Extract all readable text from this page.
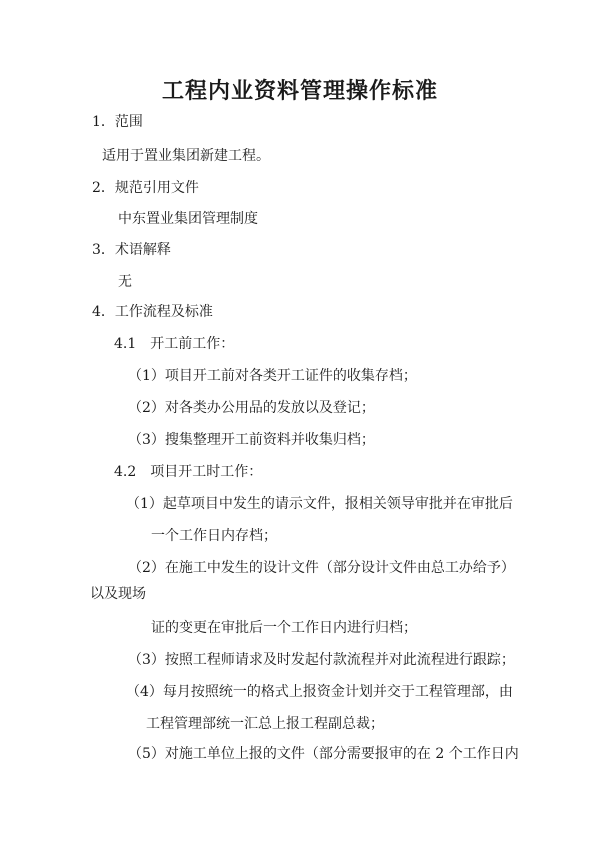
工程内业资料管理操作标准
1．范围
适用于置业集团新建工程。
2．规范引用文件
中东置业集团管理制度
3．术语解释
无
4．工作流程及标准
4.1　开工前工作：
（1）项目开工前对各类开工证件的收集存档；
（2）对各类办公用品的发放以及登记；
（3）搜集整理开工前资料并收集归档；
4.2　项目开工时工作：
（1）起草项目中发生的请示文件，报相关领导审批并在审批后
一个工作日内存档；
（2）在施工中发生的设计文件（部分设计文件由总工办给予）
以及现场
证的变更在审批后一个工作日内进行归档；
（3）按照工程师请求及时发起付款流程并对此流程进行跟踪；
（4）每月按照统一的格式上报资金计划并交于工程管理部，由
工程管理部统一汇总上报工程副总裁；
（5）对施工单位上报的文件（部分需要报审的在 2 个工作日内
